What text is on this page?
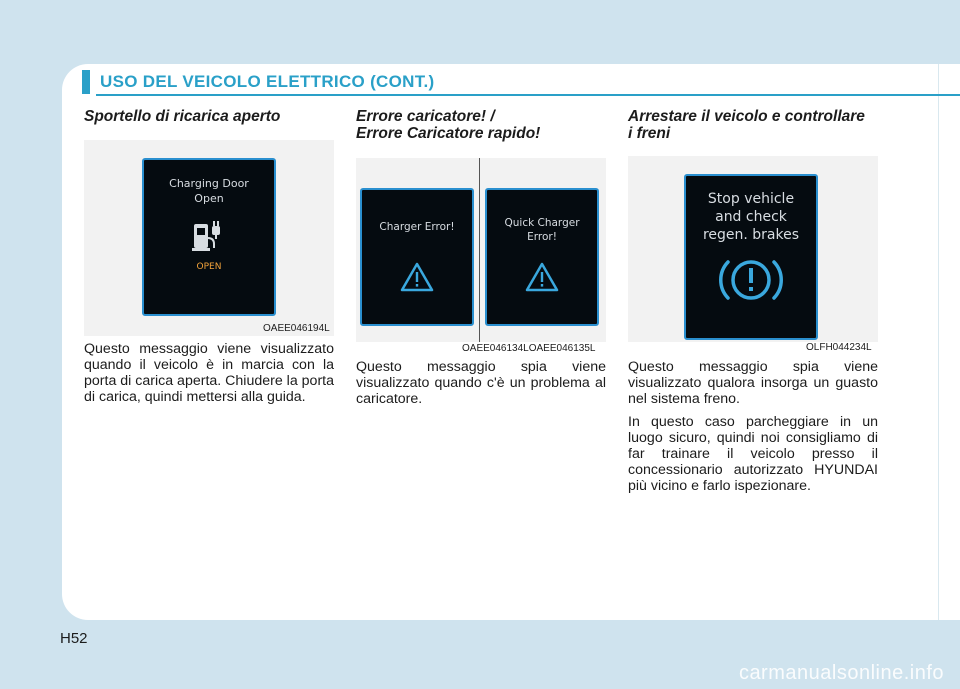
USO DEL VEICOLO ELETTRICO (CONT.)
Sportello di ricarica aperto
Charging Door
Open
OPEN
OAEE046194L

Questo messaggio viene visualizzato quando il veicolo è in marcia con la porta di carica aperta. Chiudere la porta di carica, quindi mettersi alla guida.

Errore caricatore! /
Errore Caricatore rapido!
Charger Error!	Quick Charger
Error!
OAEE046134LOAEE046135L

Questo messaggio spia viene visualizzato quando c'è un problema al caricatore.

Arrestare il veicolo e controllare
i freni
Stop vehicle
and check
regen. brakes
OLFH044234L

Questo messaggio spia viene visualizzato qualora insorga un guasto nel sistema freno.

In questo caso parcheggiare in un luogo sicuro, quindi noi consigliamo di far trainare il veicolo presso il concessionario autorizzato HYUNDAI più vicino e farlo ispezionare.

H52
carmanualsonline.info
